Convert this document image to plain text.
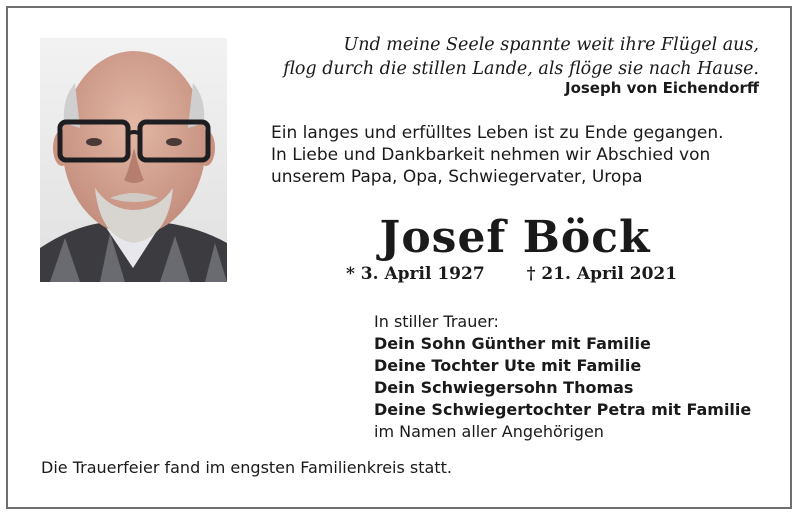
Und meine Seele spannte weit ihre Flügel aus,
flog durch die stillen Lande, als flöge sie nach Hause.
Joseph von Eichendorff
Ein langes und erfülltes Leben ist zu Ende gegangen.
In Liebe und Dankbarkeit nehmen wir Abschied von
unserem Papa, Opa, Schwiegervater, Uropa
Josef Böck
* 3. April 1927 † 21. April 2021
In stiller Trauer:
Dein Sohn Günther mit Familie
Deine Tochter Ute mit Familie
Dein Schwiegersohn Thomas
Deine Schwiegertochter Petra mit Familie
im Namen aller Angehörigen
Die Trauerfeier fand im engsten Familienkreis statt.
